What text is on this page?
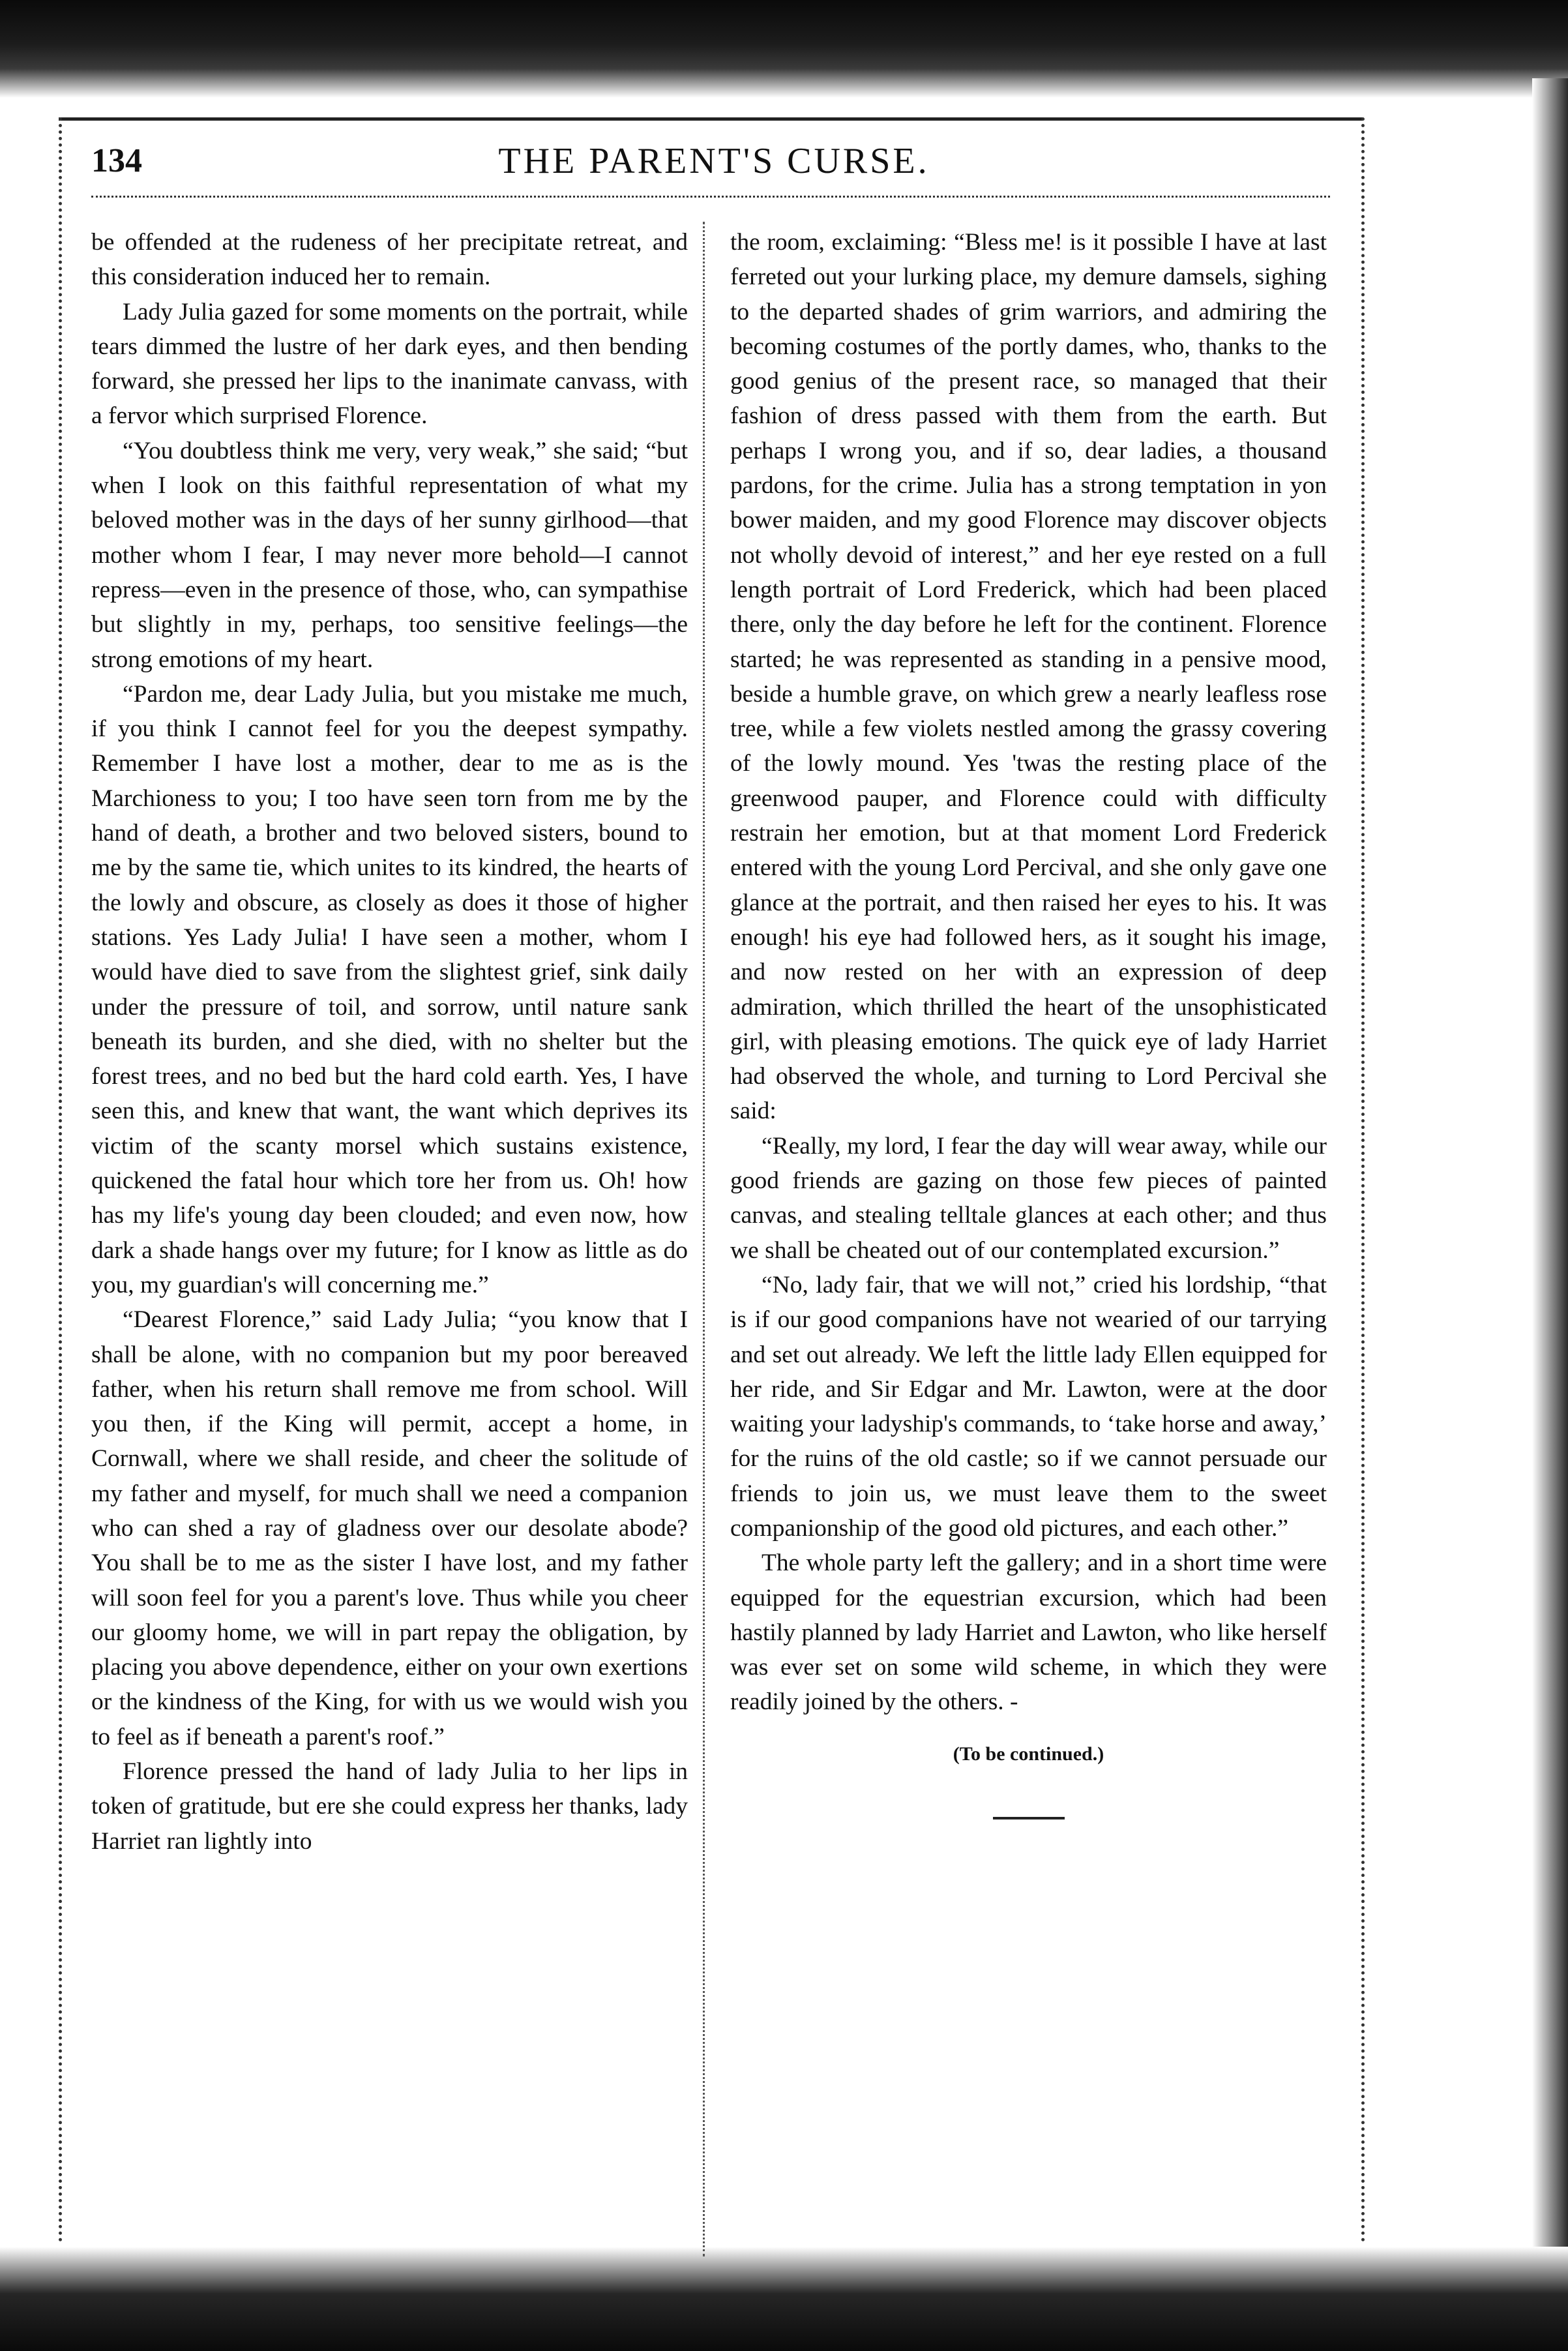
134	THE PARENT'S CURSE.

be offended at the rudeness of her precipitate retreat, and this consideration induced her to remain.

Lady Julia gazed for some moments on the portrait, while tears dimmed the lustre of her dark eyes, and then bending forward, she pressed her lips to the inanimate canvass, with a fervor which surprised Florence.

“You doubtless think me very, very weak,” she said; “but when I look on this faithful representation of what my beloved mother was in the days of her sunny girlhood—that mother whom I fear, I may never more behold—I cannot repress—even in the presence of those, who, can sympathise but slightly in my, perhaps, too sensitive feelings—the strong emotions of my heart.

“Pardon me, dear Lady Julia, but you mistake me much, if you think I cannot feel for you the deepest sympathy. Remember I have lost a mother, dear to me as is the Marchioness to you; I too have seen torn from me by the hand of death, a brother and two beloved sisters, bound to me by the same tie, which unites to its kindred, the hearts of the lowly and obscure, as closely as does it those of higher stations. Yes Lady Julia! I have seen a mother, whom I would have died to save from the slightest grief, sink daily under the pressure of toil, and sorrow, until nature sank beneath its burden, and she died, with no shelter but the forest trees, and no bed but the hard cold earth. Yes, I have seen this, and knew that want, the want which deprives its victim of the scanty morsel which sustains existence, quickened the fatal hour which tore her from us. Oh! how has my life's young day been clouded; and even now, how dark a shade hangs over my future; for I know as little as do you, my guardian's will concerning me.”

“Dearest Florence,” said Lady Julia; “you know that I shall be alone, with no companion but my poor bereaved father, when his return shall remove me from school. Will you then, if the King will permit, accept a home, in Cornwall, where we shall reside, and cheer the solitude of my father and myself, for much shall we need a companion who can shed a ray of gladness over our desolate abode? You shall be to me as the sister I have lost, and my father will soon feel for you a parent's love. Thus while you cheer our gloomy home, we will in part repay the obligation, by placing you above dependence, either on your own exertions or the kindness of the King, for with us we would wish you to feel as if beneath a parent's roof.”

Florence pressed the hand of lady Julia to her lips in token of gratitude, but ere she could express her thanks, lady Harriet ran lightly into

the room, exclaiming: “Bless me! is it possible I have at last ferreted out your lurking place, my demure damsels, sighing to the departed shades of grim warriors, and admiring the becoming costumes of the portly dames, who, thanks to the good genius of the present race, so managed that their fashion of dress passed with them from the earth. But perhaps I wrong you, and if so, dear ladies, a thousand pardons, for the crime. Julia has a strong temptation in yon bower maiden, and my good Florence may discover objects not wholly devoid of interest,” and her eye rested on a full length portrait of Lord Frederick, which had been placed there, only the day before he left for the continent. Florence started; he was represented as standing in a pensive mood, beside a humble grave, on which grew a nearly leafless rose tree, while a few violets nestled among the grassy covering of the lowly mound. Yes 'twas the resting place of the greenwood pauper, and Florence could with difficulty restrain her emotion, but at that moment Lord Frederick entered with the young Lord Percival, and she only gave one glance at the portrait, and then raised her eyes to his. It was enough! his eye had followed hers, as it sought his image, and now rested on her with an expression of deep admiration, which thrilled the heart of the unsophisticated girl, with pleasing emotions. The quick eye of lady Harriet had observed the whole, and turning to Lord Percival she said:

“Really, my lord, I fear the day will wear away, while our good friends are gazing on those few pieces of painted canvas, and stealing telltale glances at each other; and thus we shall be cheated out of our contemplated excursion.”

“No, lady fair, that we will not,” cried his lordship, “that is if our good companions have not wearied of our tarrying and set out already. We left the little lady Ellen equipped for her ride, and Sir Edgar and Mr. Lawton, were at the door waiting your ladyship's commands, to ‘take horse and away,’ for the ruins of the old castle; so if we cannot persuade our friends to join us, we must leave them to the sweet companionship of the good old pictures, and each other.”

The whole party left the gallery; and in a short time were equipped for the equestrian excursion, which had been hastily planned by lady Harriet and Lawton, who like herself was ever set on some wild scheme, in which they were readily joined by the others. -

(To be continued.)
